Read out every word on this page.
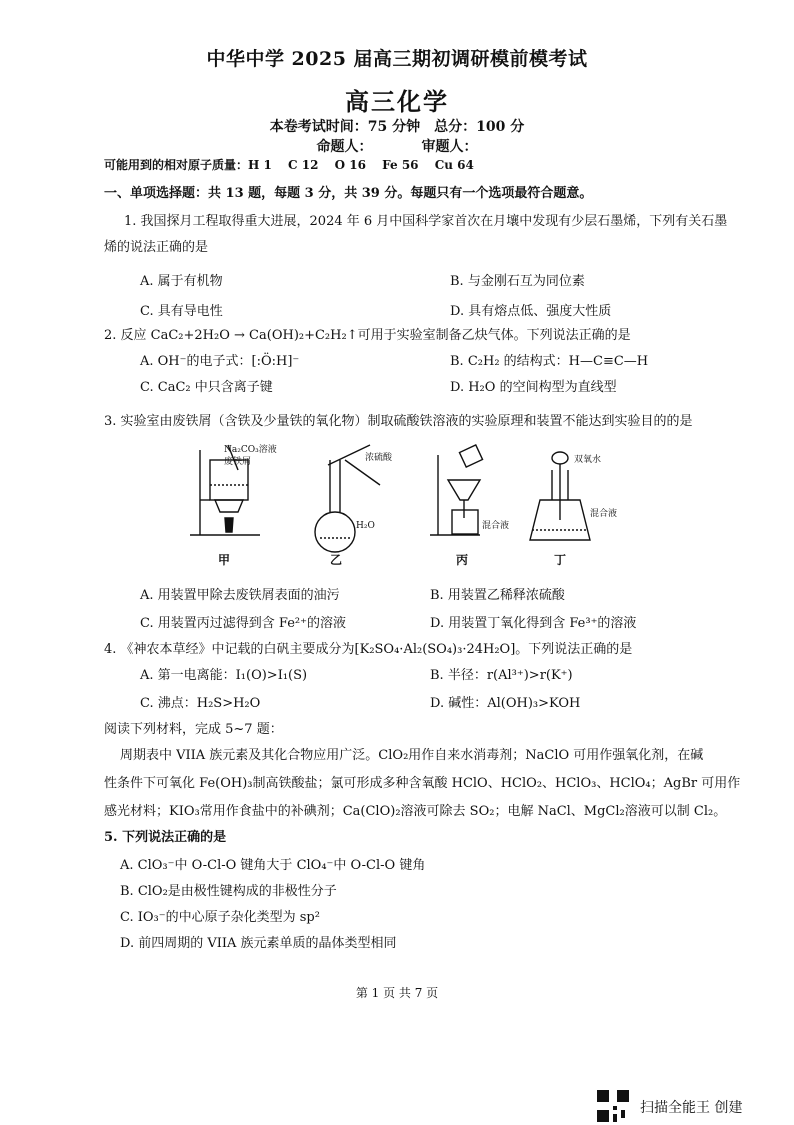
中华中学 2025 届高三期初调研模前模考试
高三化学
本卷考试时间：75 分钟　总分：100 分
命题人：　　　　审题人：
可能用到的相对原子质量：H 1　 C 12　 O 16　 Fe 56　 Cu 64
一、单项选择题：共 13 题，每题 3 分，共 39 分。每题只有一个选项最符合题意。
1. 我国探月工程取得重大进展，2024 年 6 月中国科学家首次在月壤中发现有少层石墨烯，下列有关石墨
烯的说法正确的是
A. 属于有机物	B. 与金刚石互为同位素
C. 具有导电性	D. 具有熔点低、强度大性质
2. 反应 CaC₂+2H₂O → Ca(OH)₂+C₂H₂↑可用于实验室制备乙炔气体。下列说法正确的是
A. OH⁻的电子式：[:Ö:H]⁻	B. C₂H₂ 的结构式：H—C≡C—H
C. CaC₂ 中只含离子键	D. H₂O 的空间构型为直线型
3. 实验室由废铁屑（含铁及少量铁的氧化物）制取硫酸铁溶液的实验原理和装置不能达到实验目的的是
Na₂CO₃溶液
废铁屑	浓硫酸
H₂O	混合液
双氧水
混合液
甲	乙	丙	丁
A. 用装置甲除去废铁屑表面的油污	B. 用装置乙稀释浓硫酸
C. 用装置丙过滤得到含 Fe²⁺的溶液	D. 用装置丁氧化得到含 Fe³⁺的溶液
4. 《神农本草经》中记载的白矾主要成分为[K₂SO₄·Al₂(SO₄)₃·24H₂O]。下列说法正确的是
A. 第一电离能：I₁(O)>I₁(S)	B. 半径：r(Al³⁺)>r(K⁺)
C. 沸点：H₂S>H₂O	D. 碱性：Al(OH)₃>KOH
阅读下列材料，完成 5~7 题：
周期表中 VIIA 族元素及其化合物应用广泛。ClO₂用作自来水消毒剂；NaClO 可用作强氧化剂，在碱
性条件下可氧化 Fe(OH)₃制高铁酸盐；氯可形成多种含氧酸 HClO、HClO₂、HClO₃、HClO₄；AgBr 可用作
感光材料；KIO₃常用作食盐中的补碘剂；Ca(ClO)₂溶液可除去 SO₂；电解 NaCl、MgCl₂溶液可以制 Cl₂。
5. 下列说法正确的是
A. ClO₃⁻中 O-Cl-O 键角大于 ClO₄⁻中 O-Cl-O 键角
B. ClO₂是由极性键构成的非极性分子
C. IO₃⁻的中心原子杂化类型为 sp²
D. 前四周期的 VIIA 族元素单质的晶体类型相同
第 1 页 共 7 页
扫描全能王 创建
